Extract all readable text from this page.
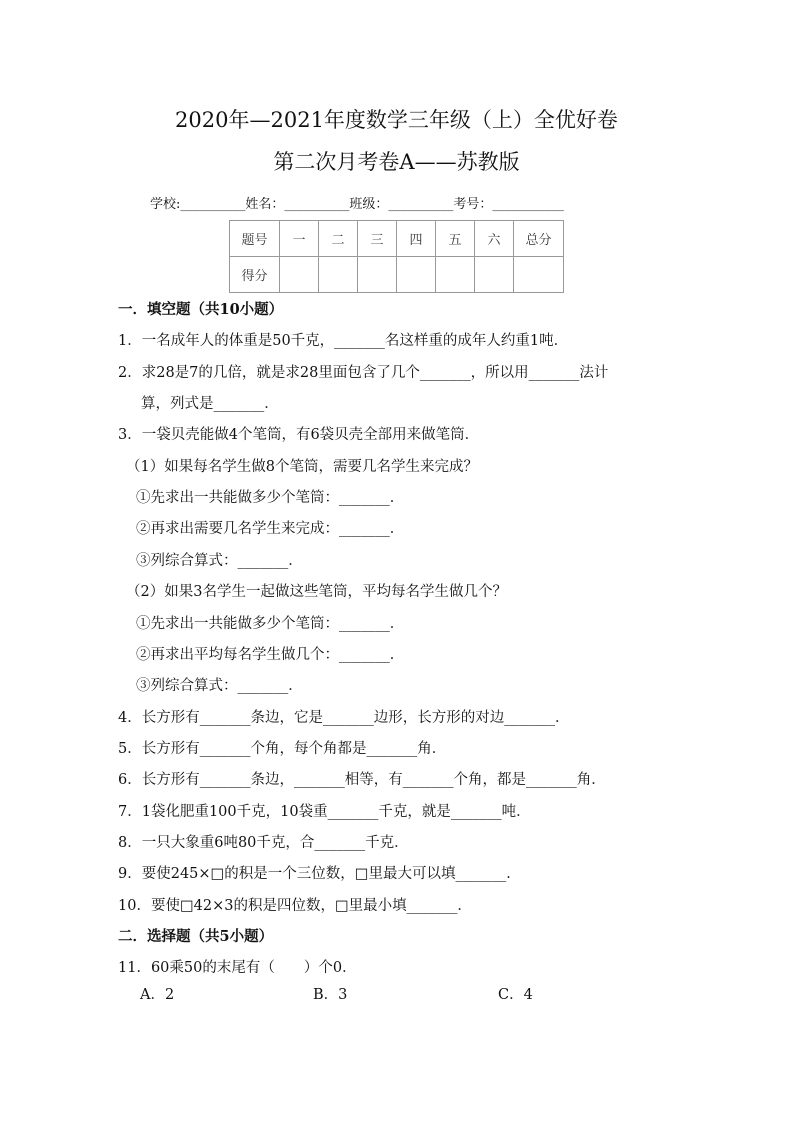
2020年—2021年度数学三年级（上）全优好卷
第二次月考卷A——苏教版
学校:__________姓名：__________班级：__________考号：___________
题号	一	二	三	四	五	六	总分
得分							
一．填空题（共10小题）
1．一名成年人的体重是50千克，_______名这样重的成年人约重1吨．
2．求28是7的几倍，就是求28里面包含了几个_______，所以用_______法计
算，列式是_______．
3．一袋贝壳能做4个笔筒，有6袋贝壳全部用来做笔筒．
（1）如果每名学生做8个笔筒，需要几名学生来完成？
①先求出一共能做多少个笔筒：_______．
②再求出需要几名学生来完成：_______．
③列综合算式：_______．
（2）如果3名学生一起做这些笔筒，平均每名学生做几个？
①先求出一共能做多少个笔筒：_______．
②再求出平均每名学生做几个：_______．
③列综合算式：_______．
4．长方形有_______条边，它是_______边形，长方形的对边_______．
5．长方形有_______个角，每个角都是_______角．
6．长方形有_______条边，_______相等，有_______个角，都是_______角．
7．1袋化肥重100千克，10袋重_______千克，就是_______吨．
8．一只大象重6吨80千克，合_______千克．
9．要使245×□的积是一个三位数，□里最大可以填_______．
10．要使□42×3的积是四位数，□里最小填_______．
二．选择题（共5小题）
11．60乘50的末尾有（　　）个0．
A．2	B．3	C．4
